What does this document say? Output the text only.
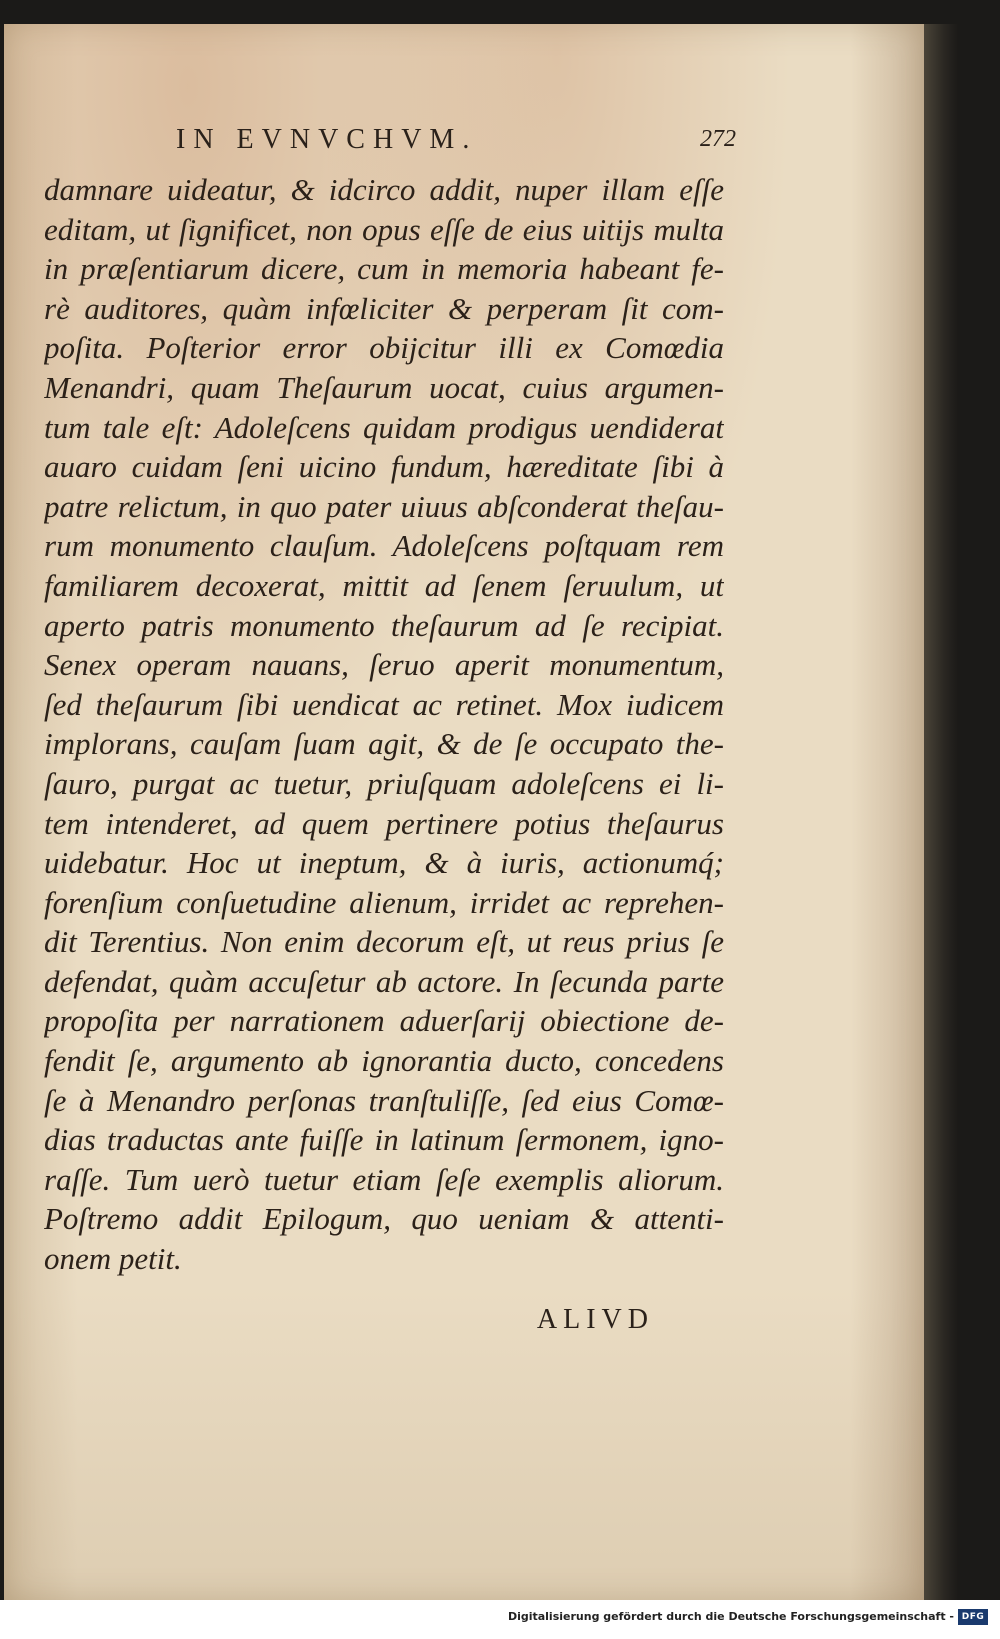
IN EVNVCHVM.	272
damnare uideatur, & idcirco addit, nuper illam eſſe
editam, ut ſignificet, non opus eſſe de eius uitijs multa
in præſentiarum dicere, cum in memoria habeant fe-
rè auditores, quàm infœliciter & perperam ſit com-
poſita. Poſterior error obijcitur illi ex Comœdia
Menandri, quam Theſaurum uocat, cuius argumen-
tum tale eſt: Adoleſcens quidam prodigus uendiderat
auaro cuidam ſeni uicino fundum, hæreditate ſibi à
patre relictum, in quo pater uiuus abſconderat theſau-
rum monumento clauſum. Adoleſcens poſtquam rem
familiarem decoxerat, mittit ad ſenem ſeruulum, ut
aperto patris monumento theſaurum ad ſe recipiat.
Senex operam nauans, ſeruo aperit monumentum,
ſed theſaurum ſibi uendicat ac retinet. Mox iudicem
implorans, cauſam ſuam agit, & de ſe occupato the-
ſauro, purgat ac tuetur, priuſquam adoleſcens ei li-
tem intenderet, ad quem pertinere potius theſaurus
uidebatur. Hoc ut ineptum, & à iuris, actionumq́;
forenſium conſuetudine alienum, irridet ac reprehen-
dit Terentius. Non enim decorum eſt, ut reus prius ſe
defendat, quàm accuſetur ab actore. In ſecunda parte
propoſita per narrationem aduerſarij obiectione de-
fendit ſe, argumento ab ignorantia ducto, concedens
ſe à Menandro perſonas tranſtuliſſe, ſed eius Comœ-
dias traductas ante fuiſſe in latinum ſermonem, igno-
raſſe. Tum uerò tuetur etiam ſeſe exemplis aliorum.
Poſtremo addit Epilogum, quo ueniam & attenti-
onem petit.
ALIVD
Digitalisierung gefördert durch die Deutsche Forschungsgemeinschaft - DFG
